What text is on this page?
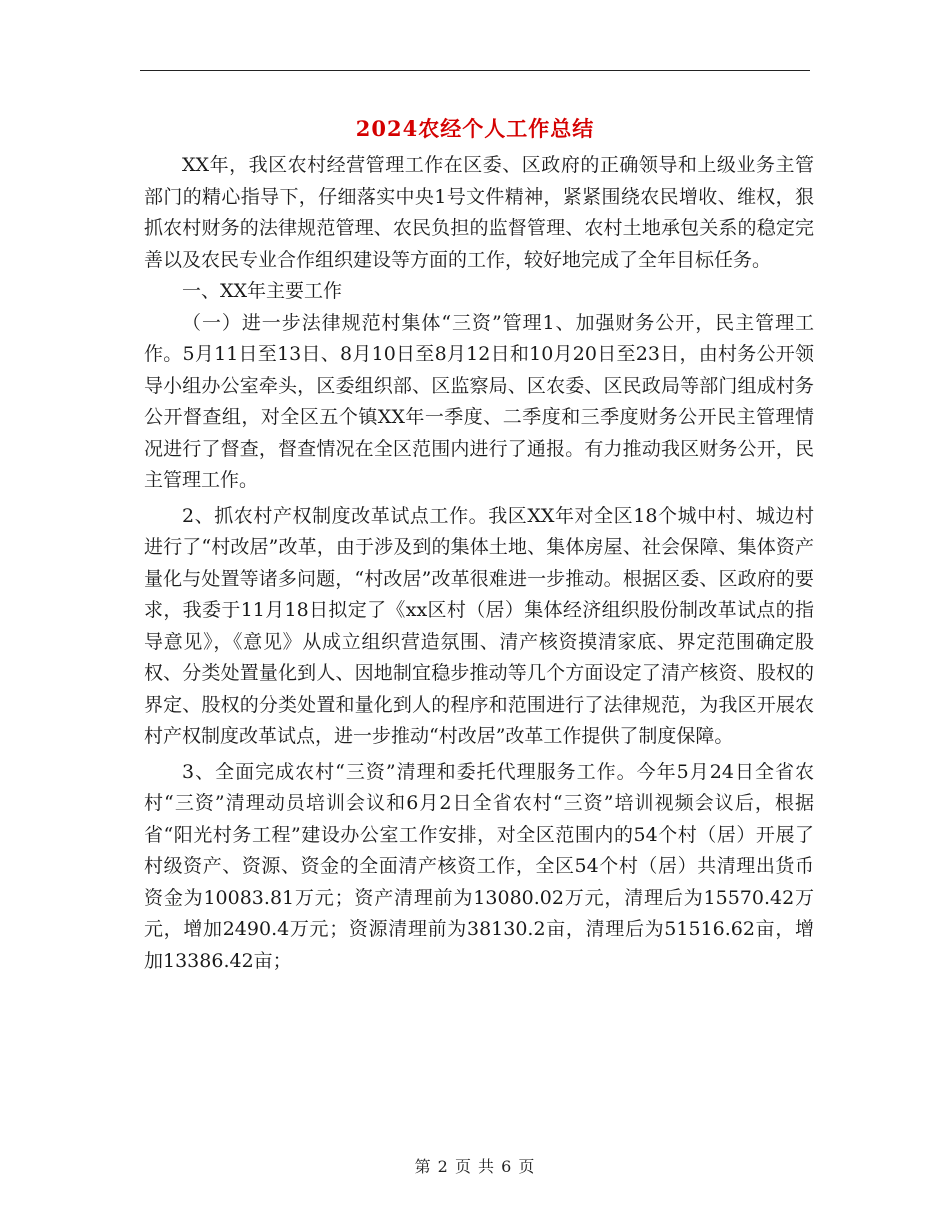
2024农经个人工作总结

XX年，我区农村经营管理工作在区委、区政府的正确领导和上级业务主管部门的精心指导下，仔细落实中央1号文件精神，紧紧围绕农民增收、维权，狠抓农村财务的法律规范管理、农民负担的监督管理、农村土地承包关系的稳定完善以及农民专业合作组织建设等方面的工作，较好地完成了全年目标任务。

一、XX年主要工作

（一）进一步法律规范村集体“三资”管理1、加强财务公开，民主管理工作。5月11日至13日、8月10日至8月12日和10月20日至23日，由村务公开领导小组办公室牵头，区委组织部、区监察局、区农委、区民政局等部门组成村务公开督查组，对全区五个镇XX年一季度、二季度和三季度财务公开民主管理情况进行了督查，督查情况在全区范围内进行了通报。有力推动我区财务公开，民主管理工作。

2、抓农村产权制度改革试点工作。我区XX年对全区18个城中村、城边村进行了“村改居”改革，由于涉及到的集体土地、集体房屋、社会保障、集体资产量化与处置等诸多问题，“村改居”改革很难进一步推动。根据区委、区政府的要求，我委于11月18日拟定了《xx区村（居）集体经济组织股份制改革试点的指导意见》，《意见》从成立组织营造氛围、清产核资摸清家底、界定范围确定股权、分类处置量化到人、因地制宜稳步推动等几个方面设定了清产核资、股权的界定、股权的分类处置和量化到人的程序和范围进行了法律规范，为我区开展农村产权制度改革试点，进一步推动“村改居”改革工作提供了制度保障。

3、全面完成农村“三资”清理和委托代理服务工作。今年5月24日全省农村“三资”清理动员培训会议和6月2日全省农村“三资”培训视频会议后，根据省“阳光村务工程”建设办公室工作安排，对全区范围内的54个村（居）开展了村级资产、资源、资金的全面清产核资工作，全区54个村（居）共清理出货币资金为10083.81万元；资产清理前为13080.02万元，清理后为15570.42万元，增加2490.4万元；资源清理前为38130.2亩，清理后为51516.62亩，增加13386.42亩；

第 2 页 共 6 页
